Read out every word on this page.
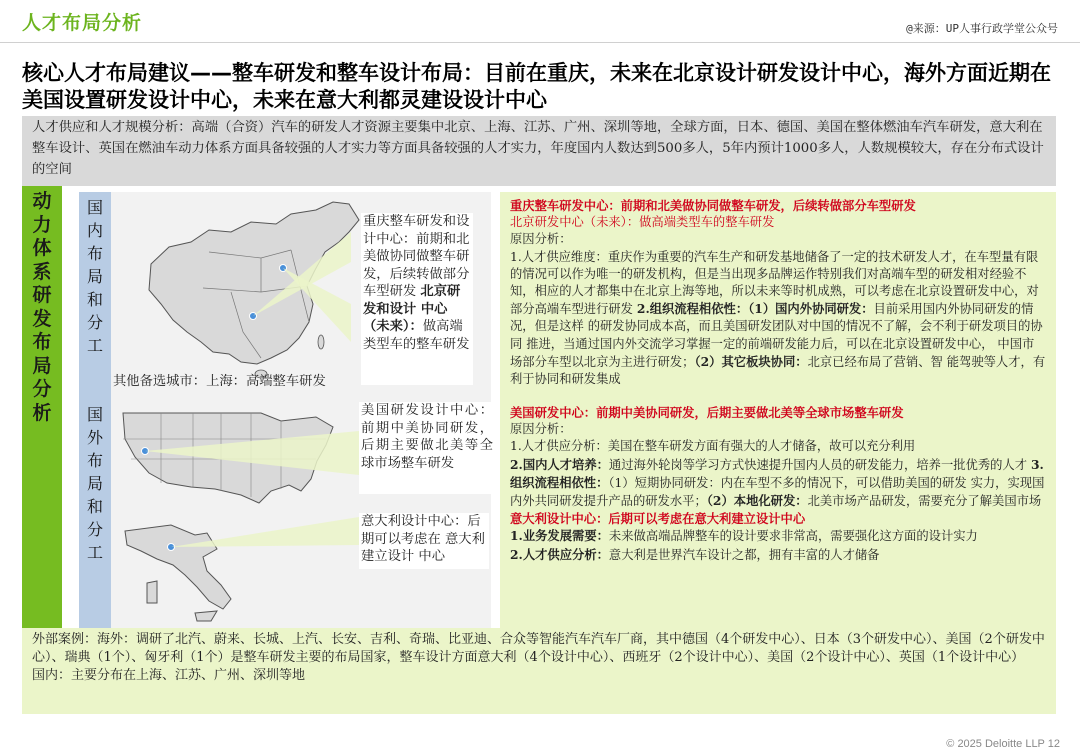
人才布局分析	@来源：UP人事行政学堂公众号
核心人才布局建议——整车研发和整车设计布局：目前在重庆，未来在北京设计研发设计中心，海外方面近期在美国设置研发设计中心，未来在意大利都灵建设设计中心
人才供应和人才规模分析：高端（合资）汽车的研发人才资源主要集中北京、上海、江苏、广州、深圳等地，全球方面，日本、德国、美国在整体燃油车汽车研发，意大利在整车设计、英国在燃油车动力体系方面具备较强的人才实力等方面具备较强的人才实力，年度国内人数达到500多人，5年内预计1000多人，人数规模较大，存在分布式设计的空间
动力体系研发布局分析
国内布局和分工
重庆整车研发和设计中心：前期和北美做协同做整车研发，后续转做部分车型研发 北京研发和设计 中心（未来）：做高端类型车的整车研发
其他备选城市：上海：高端整车研发
重庆整车研发中心：前期和北美做协同做整车研发，后续转做部分车型研发
北京研发中心（未来）：做高端类型车的整车研发
原因分析：
1.人才供应维度：重庆作为重要的汽车生产和研发基地储备了一定的技术研发人才，在车型量有限的情况可以作为唯一的研发机构，但是当出现多品牌运作特别我们对高端车型的研发相对经验不知，相应的人才都集中在北京上海等地，所以未来等时机成熟，可以考虑在北京设置研发中心，对部分高端车型进行研发 2.组织流程相依性：（1）国内外协同研发：目前采用国内外协同研发的情况，但是这样 的研发协同成本高，而且美国研发团队对中国的情况不了解，会不利于研发项目的协同 推进，当通过国内外交流学习掌握一定的前端研发能力后，可以在北京设置研发中心， 中国市场部分车型以北京为主进行研发；（2）其它板块协同：北京已经布局了营销、智 能驾驶等人才，有利于协同和研发集成
国外布局和分工
美国研发设计中心：前期中美协同研发，后期主要做北美等全球市场整车研发
意大利设计中心：后期可以考虑在 意大利建立设计 中心
美国研发中心：前期中美协同研发，后期主要做北美等全球市场整车研发
原因分析：
1.人才供应分析：美国在整车研发方面有强大的人才储备，故可以充分利用
2.国内人才培养：通过海外轮岗等学习方式快速提升国内人员的研发能力，培养一批优秀的人才 3.组织流程相依性：（1）短期协同研发：内在车型不多的情况下，可以借助美国的研发 实力，实现国内外共同研发提升产品的研发水平；（2）本地化研发：北美市场产品研发，需要充分了解美国市场
意大利设计中心：后期可以考虑在意大利建立设计中心
1.业务发展需要：未来做高端品牌整车的设计要求非常高，需要强化这方面的设计实力
2.人才供应分析：意大利是世界汽车设计之都，拥有丰富的人才储备
外部案例：海外：调研了北汽、蔚来、长城、上汽、长安、吉利、奇瑞、比亚迪、合众等智能汽车汽车厂商，其中德国（4个研发中心）、日本（3个研发中心）、美国（2个研发中心）、瑞典（1个）、匈牙利（1个）是整车研发主要的布局国家，整车设计方面意大利（4个设计中心）、西班牙（2个设计中心）、美国（2个设计中心）、英国（1个设计中心）
国内：主要分布在上海、江苏、广州、深圳等地
© 2025 Deloitte LLP 12
